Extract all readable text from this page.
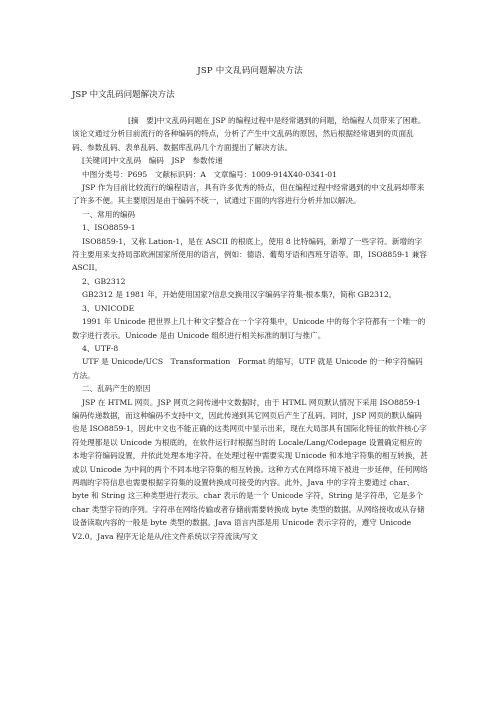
JSP 中文乱码问题解决方法
JSP 中文乱码问题解决方法

[摘　要]中文乱码问题在 JSP 的编程过程中是经常遇到的问题，给编程人员带来了困难。该论文通过分析目前流行的各种编码的特点，分析了产生中文乱码的原因，然后根据经常遇到的页面乱码、参数乱码、表单乱码、数据库乱码几个方面提出了解决方法。

[关键词]中文乱码　编码　JSP　参数传递

中图分类号：P695　文献标识码：A　文章编号：1009-914X40-0341-01

JSP 作为目前比较流行的编程语言，具有许多优秀的特点，但在编程过程中经常遇到的中文乱码却带来了许多不便。其主要原因是由于编码不统一，试通过下面的内容进行分析并加以解决。

一、常用的编码

1、ISO8859-1

ISO8859-1，又称 Lation-1，是在 ASCII 的根底上，使用 8 比特编码，新增了一些字符。新增的字符主要用来支持局部欧洲国家所使用的语言，例如：德语、葡萄牙语和西班牙语等。即，ISO8859-1 兼容 ASCII。

2、GB2312

GB2312 是 1981 年，开始使用国家?信息交换用汉字编码字符集-根本集?，简称 GB2312。

3、UNICODE

1991 年 Unicode 把世界上几十种文字整合在一个字符集中，Unicode 中的每个字符都有一个唯一的数字进行表示。Unicode 是由 Unicode 组织进行相关标准的制订与推广。

4、UTF-8

UTF 是 Unicode/UCS　Transformation　Format 的缩写，UTF 就是 Unicode 的一种字符编码方法。

二、乱码产生的原因

JSP 在 HTML 网页。JSP 网页之间传递中文数据时，由于 HTML 网页默认情况下采用 ISO8859-1 编码传递数据，而这种编码不支持中文，因此传递到其它网页后产生了乱码。同时，JSP 网页的默认编码也是 ISO8859-1，因此中文也不能正确的这类网页中显示出来，现在大局部具有国际化特征的软件核心字符处理都是以 Unicode 为根底的，在软件运行时根据当时的 Locale/Lang/Codepage 设置确定相应的本地字符编码设置，并依此处理本地字符。在处理过程中需要实现 Unicode 和本地字符集的相互转换，甚或以 Unicode 为中间的两个不同本地字符集的相互转换。这种方式在网络环境下被进一步延伸，任何网络两端的字符信息也需要根据字符集的设置转换成可接受的内容。此外，Java 中的字符主要通过 char、byte 和 String 这三种类型进行表示。char 表示的是一个 Unicode 字符，String 是字符串，它是多个 char 类型字符的序列。字符串在网络传输或者存储前需要转换成 byte 类型的数据。从网络接收或从存储设备读取内容的一般是 byte 类型的数据。Java 语言内部是用 Unicode 表示字符的，遵守 Unicode　V2.0。Java 程序无论是从/往文件系统以字符流读/写文
